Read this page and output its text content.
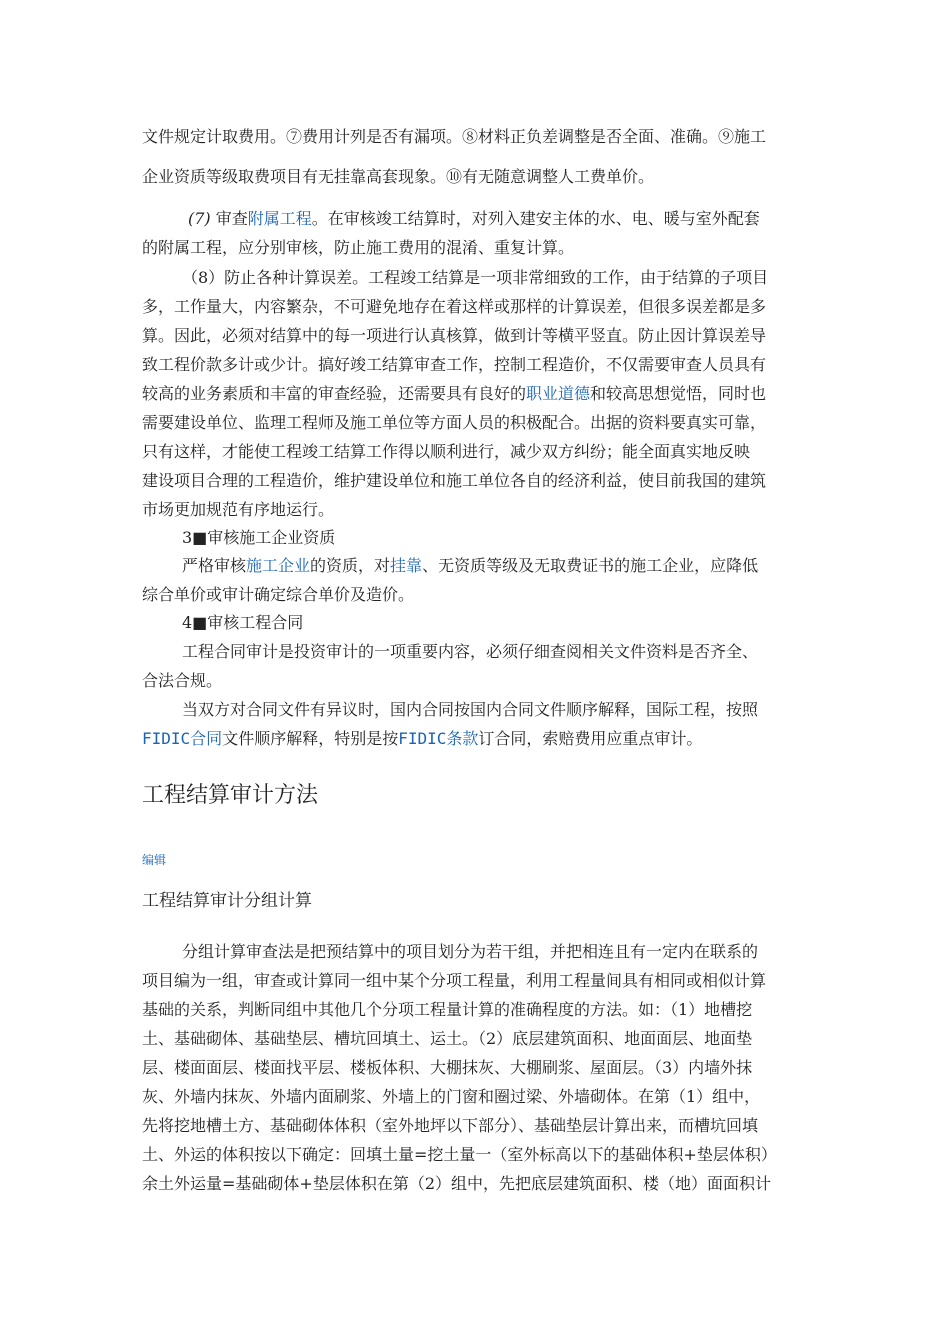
文件规定计取费用。⑦费用计列是否有漏项。⑧材料正负差调整是否全面、准确。⑨施工
企业资质等级取费项目有无挂靠高套现象。⑩有无随意调整人工费单价。
(7) 审查附属工程。在审核竣工结算时，对列入建安主体的水、电、暖与室外配套
的附属工程，应分别审核，防止施工费用的混淆、重复计算。
（8）防止各种计算误差。工程竣工结算是一项非常细致的工作，由于结算的子项目
多，工作量大，内容繁杂，不可避免地存在着这样或那样的计算误差，但很多误差都是多
算。因此，必须对结算中的每一项进行认真核算，做到计等横平竖直。防止因计算误差导
致工程价款多计或少计。搞好竣工结算审查工作，控制工程造价，不仅需要审查人员具有
较高的业务素质和丰富的审查经验，还需要具有良好的职业道德和较高思想觉悟，同时也
需要建设单位、监理工程师及施工单位等方面人员的积极配合。出据的资料要真实可靠，
只有这样，才能使工程竣工结算工作得以顺利进行，减少双方纠纷；能全面真实地反映
建设项目合理的工程造价，维护建设单位和施工单位各自的经济利益，使目前我国的建筑
市场更加规范有序地运行。
3■审核施工企业资质
严格审核施工企业的资质，对挂靠、无资质等级及无取费证书的施工企业，应降低
综合单价或审计确定综合单价及造价。
4■审核工程合同
工程合同审计是投资审计的一项重要内容，必须仔细查阅相关文件资料是否齐全、
合法合规。
当双方对合同文件有异议时，国内合同按国内合同文件顺序解释，国际工程，按照
FIDIC合同文件顺序解释，特别是按FIDIC条款订合同，索赔费用应重点审计。
工程结算审计方法
编辑
工程结算审计分组计算
分组计算审查法是把预结算中的项目划分为若干组，并把相连且有一定内在联系的
项目编为一组，审查或计算同一组中某个分项工程量，利用工程量间具有相同或相似计算
基础的关系，判断同组中其他几个分项工程量计算的准确程度的方法。如：（1）地槽挖
土、基础砌体、基础垫层、槽坑回填土、运土。（2）底层建筑面积、地面面层、地面垫
层、楼面面层、楼面找平层、楼板体积、大棚抹灰、大棚刷浆、屋面层。（3）内墙外抹
灰、外墙内抹灰、外墙内面刷浆、外墙上的门窗和圈过梁、外墙砌体。在第（1）组中，
先将挖地槽土方、基础砌体体积（室外地坪以下部分）、基础垫层计算出来，而槽坑回填
土、外运的体积按以下确定：回填土量=挖土量一（室外标高以下的基础体积+垫层体积）
余土外运量=基础砌体+垫层体积在第（2）组中，先把底层建筑面积、楼（地）面面积计
